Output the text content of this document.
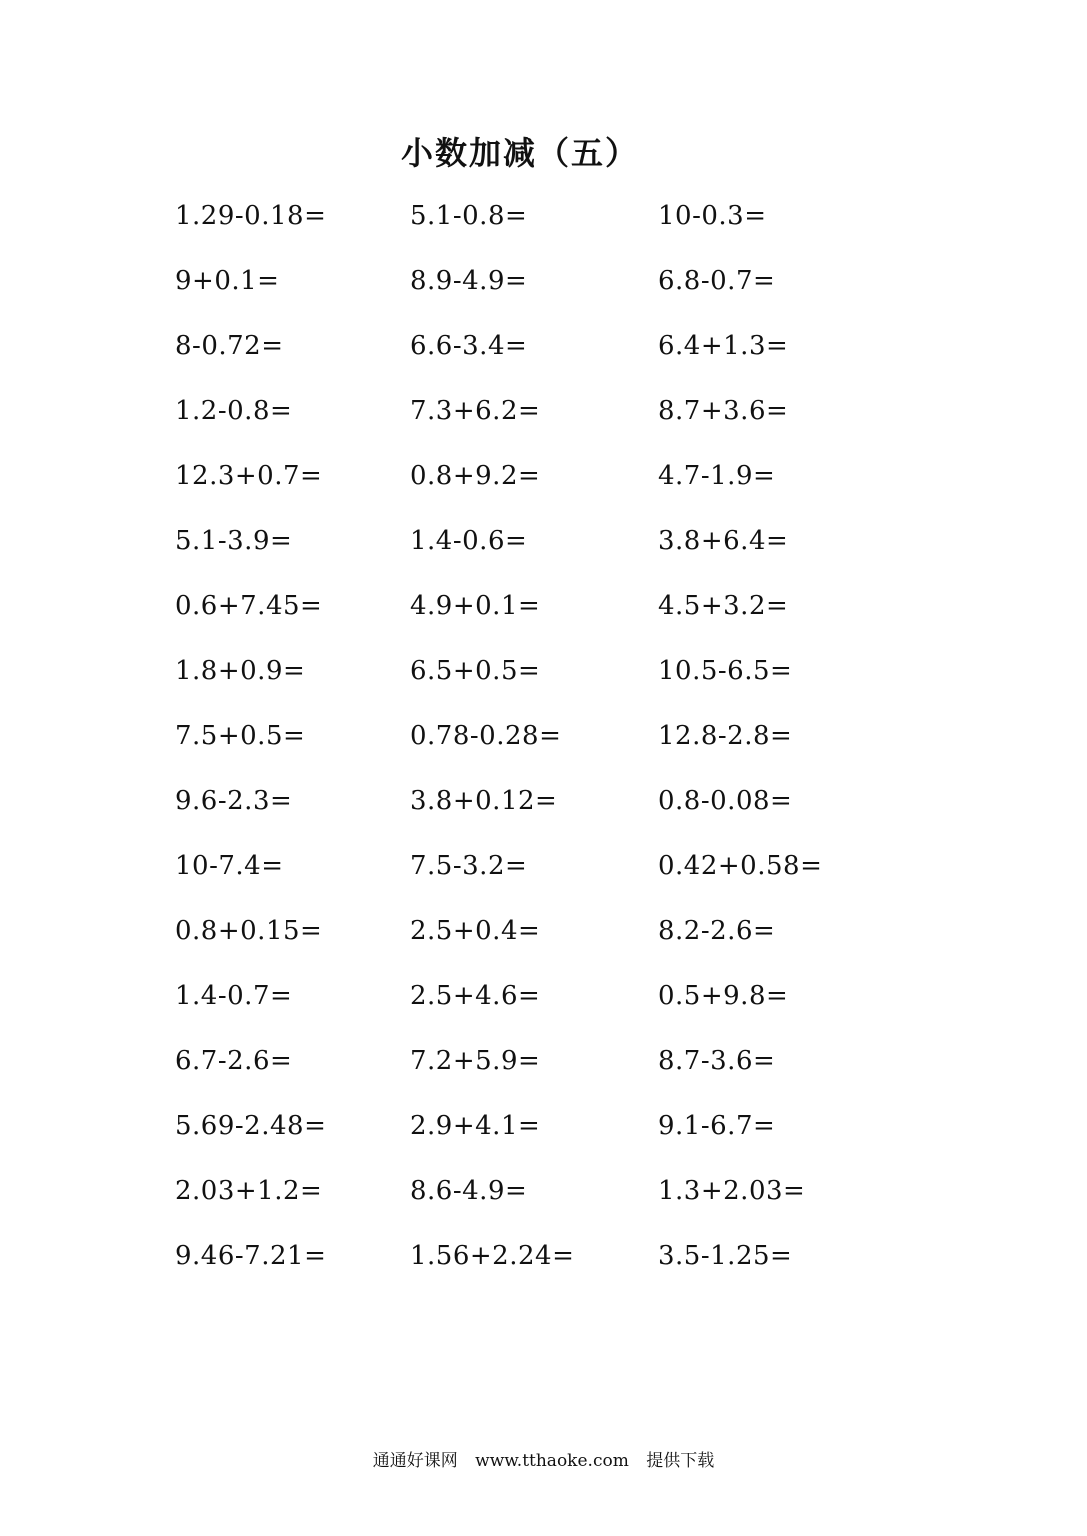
小数加减（五）
1.29-0.18=	5.1-0.8=	10-0.3=
9+0.1=	8.9-4.9=	6.8-0.7=
8-0.72=	6.6-3.4=	6.4+1.3=
1.2-0.8=	7.3+6.2=	8.7+3.6=
12.3+0.7=	0.8+9.2=	4.7-1.9=
5.1-3.9=	1.4-0.6=	3.8+6.4=
0.6+7.45=	4.9+0.1=	4.5+3.2=
1.8+0.9=	6.5+0.5=	10.5-6.5=
7.5+0.5=	0.78-0.28=	12.8-2.8=
9.6-2.3=	3.8+0.12=	0.8-0.08=
10-7.4=	7.5-3.2=	0.42+0.58=
0.8+0.15=	2.5+0.4=	8.2-2.6=
1.4-0.7=	2.5+4.6=	0.5+9.8=
6.7-2.6=	7.2+5.9=	8.7-3.6=
5.69-2.48=	2.9+4.1=	9.1-6.7=
2.03+1.2=	8.6-4.9=	1.3+2.03=
9.46-7.21=	1.56+2.24=	3.5-1.25=
通通好课网 www.tthaoke.com 提供下载
